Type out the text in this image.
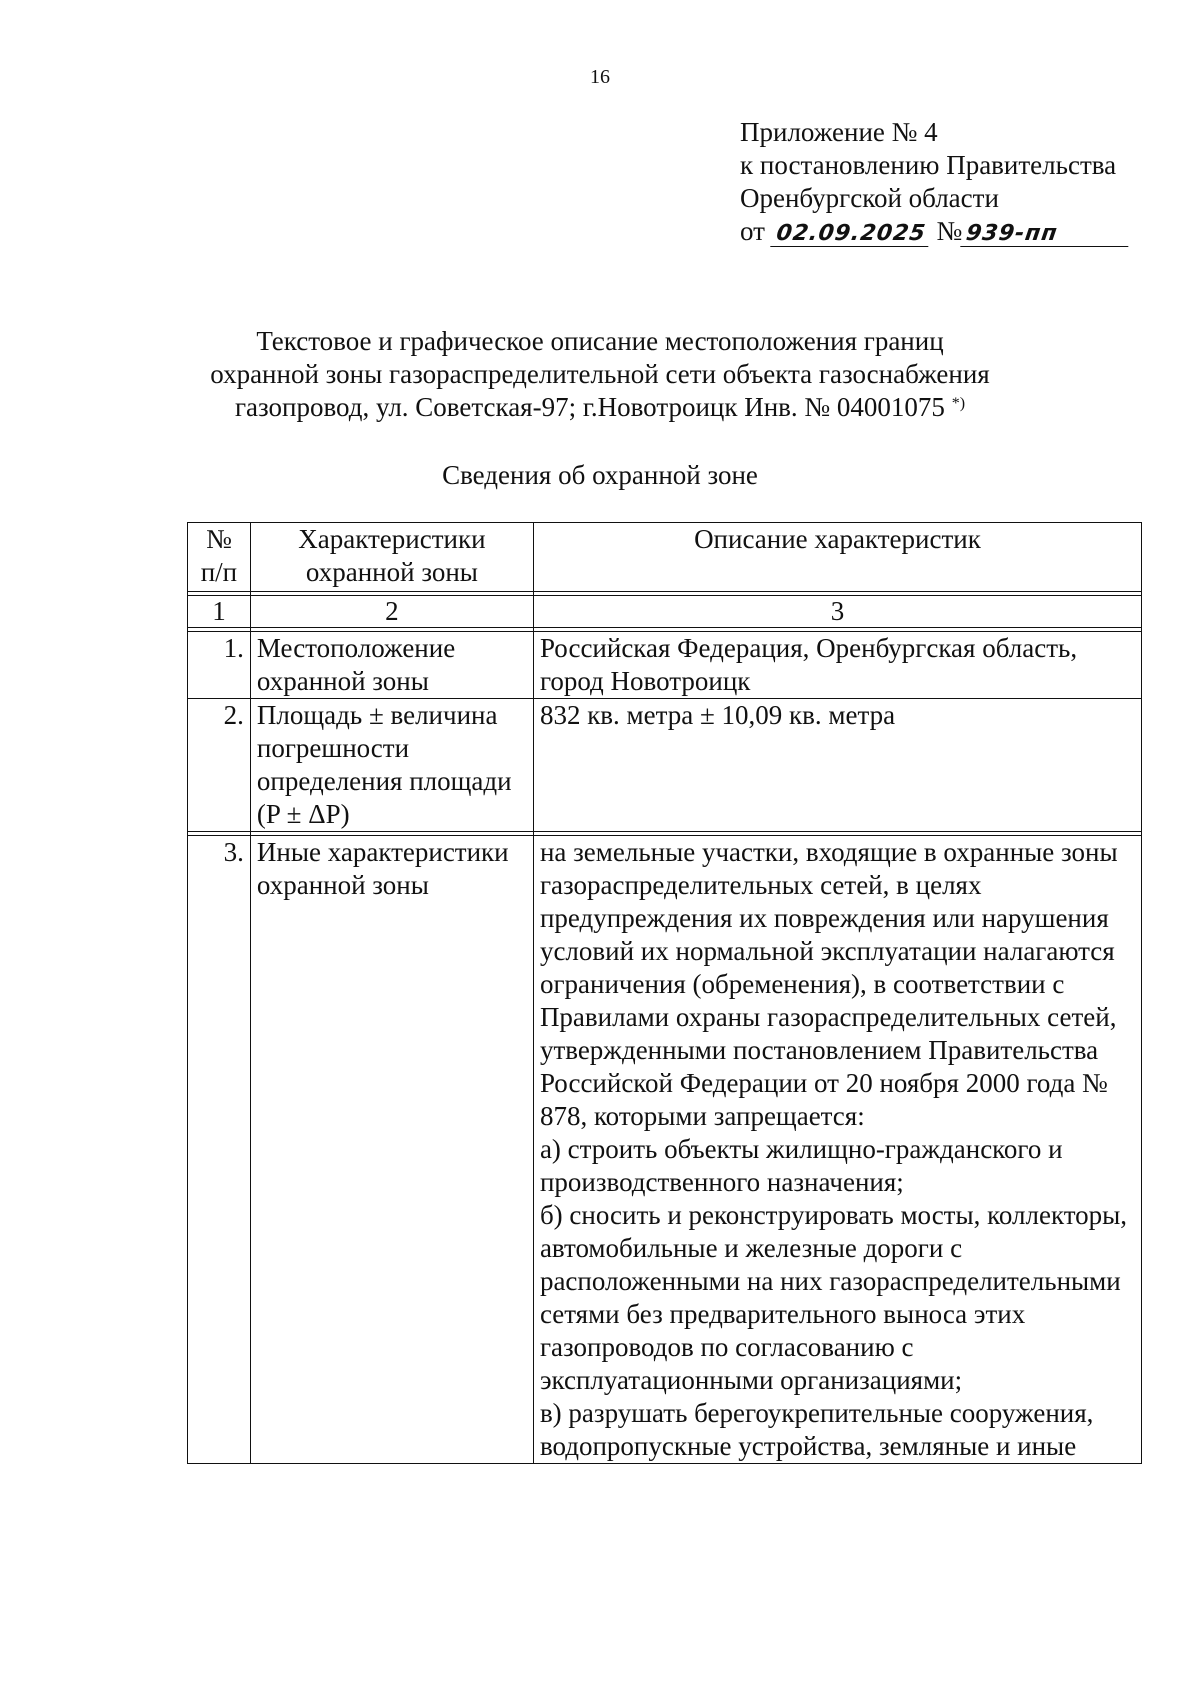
16
Приложение № 4
к постановлению Правительства
Оренбургской области
от 02.09.2025 № 939-пп
Текстовое и графическое описание местоположения границ
охранной зоны газораспределительной сети объекта газоснабжения
газопровод, ул. Советская-97; г.Новотроицк Инв. № 04001075 *)
Сведения об охранной зоне
№ п/п	Характеристики охранной зоны	Описание характеристик

1	2	3

1.	Местоположение охранной зоны	Российская Федерация, Оренбургская область, город Новотроицк

2.	Площадь ± величина погрешности определения площади (P ± ΔP)	832 кв. метра ± 10,09 кв. метра

3.	Иные характеристики охранной зоны	на земельные участки, входящие в охранные зоны газораспределительных сетей, в целях предупреждения их повреждения или нарушения условий их нормальной эксплуатации налагаются ограничения (обременения), в соответствии с Правилами охраны газораспределительных сетей, утвержденными постановлением Правительства Российской Федерации от 20 ноября 2000 года № 878, которыми запрещается:
а) строить объекты жилищно-гражданского и производственного назначения;
б) сносить и реконструировать мосты, коллекторы, автомобильные и железные дороги с расположенными на них газораспределительными сетями без предварительного выноса этих газопроводов по согласованию с эксплуатационными организациями;
в) разрушать берегоукрепительные сооружения, водопропускные устройства, земляные и иные
